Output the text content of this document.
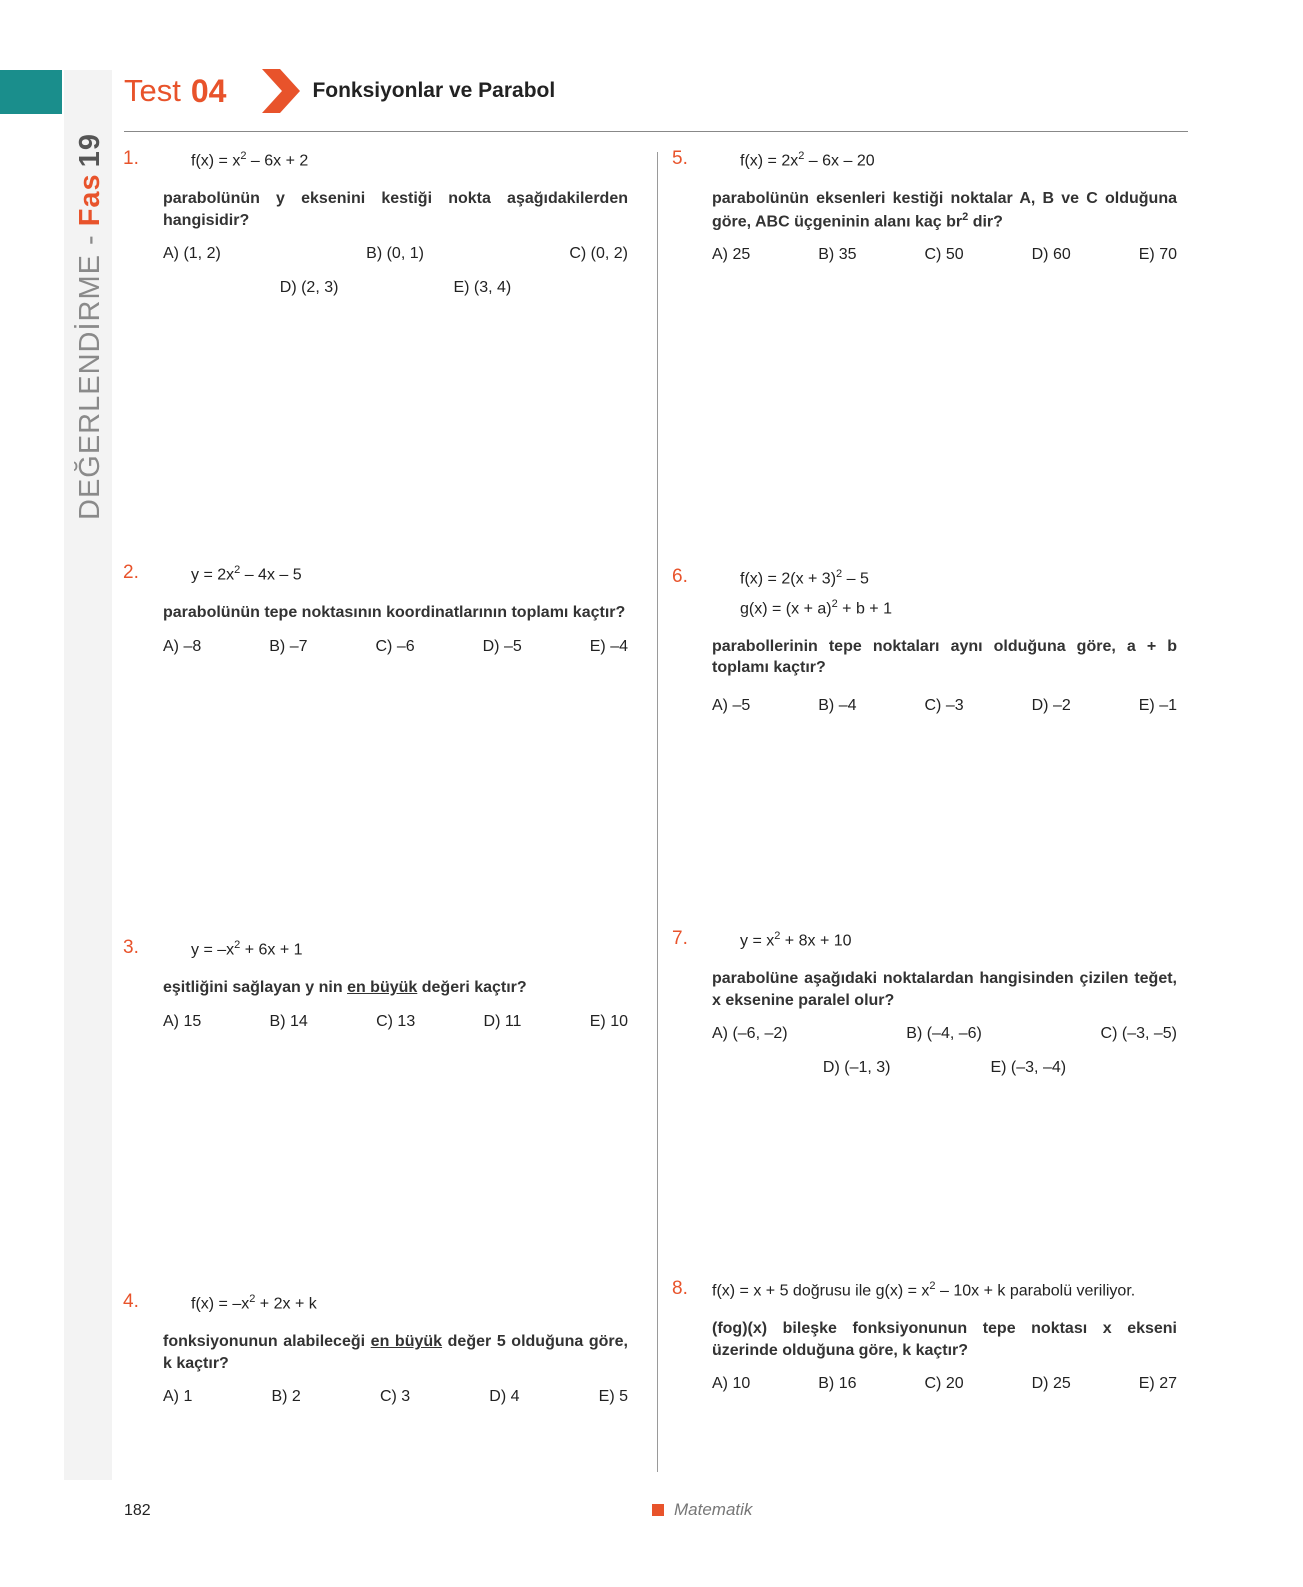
DEĞERLENDİRME -
Fas
19
Test 04	Fonksiyonlar ve Parabol
1.	$f(x) = x^2 - 6x + 2$
parabolünün y eksenini kestiği nokta aşağıdakilerden hangisidir?
A) (1, 2)	B) (0, 1)	C) (0, 2)
D) (2, 3)	E) (3, 4)
2.	$y = 2x^2 - 4x - 5$
parabolünün tepe noktasının koordinatlarının toplamı kaçtır?
A) –8	B) –7	C) –6	D) –5	E) –4
3.	$y = -x^2 + 6x + 1$
eşitliğini sağlayan y nin en büyük değeri kaçtır?
A) 15	B) 14	C) 13	D) 11	E) 10
4.	$f(x) = -x^2 + 2x + k$
fonksiyonunun alabileceği en büyük değer 5 olduğuna göre, k kaçtır?
A) 1	B) 2	C) 3	D) 4	E) 5
5.	$f(x) = 2x^2 - 6x - 20$
parabolünün eksenleri kestiği noktalar A, B ve C olduğuna göre, ABC üçgeninin alanı kaç $br^2$ dir?
A) 25	B) 35	C) 50	D) 60	E) 70
6.	$f(x) = 2(x + 3)^2 - 5$
$g(x) = (x + a)^2 + b + 1$
parabollerinin tepe noktaları aynı olduğuna göre, a + b toplamı kaçtır?
A) –5	B) –4	C) –3	D) –2	E) –1
7.	$y = x^2 + 8x + 10$
parabolüne aşağıdaki noktalardan hangisinden çizilen teğet, x eksenine paralel olur?
A) (–6, –2)	B) (–4, –6)	C) (–3, –5)
D) (–1, 3)	E) (–3, –4)
8. f(x) = x + 5 doğrusu ile $g(x) = x^2 - 10x + k$ parabolü veriliyor.
(fog)(x) bileşke fonksiyonunun tepe noktası x ekseni üzerinde olduğuna göre, k kaçtır?
A) 10	B) 16	C) 20	D) 25	E) 27
182	Matematik
